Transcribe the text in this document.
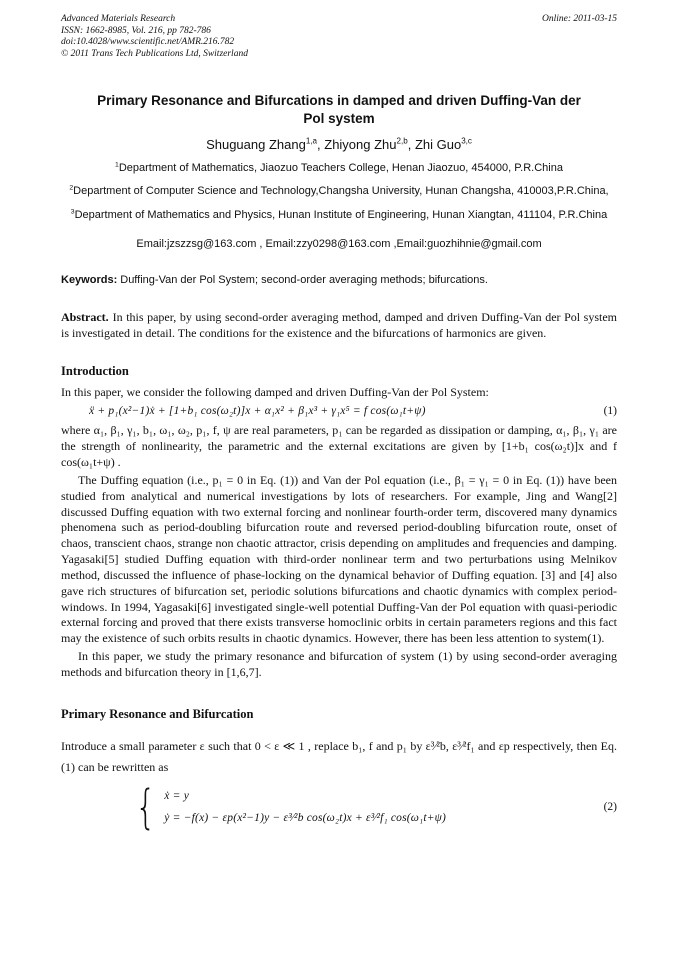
Advanced Materials Research
ISSN: 1662-8985, Vol. 216, pp 782-786
doi:10.4028/www.scientific.net/AMR.216.782
© 2011 Trans Tech Publications Ltd, Switzerland
Online: 2011-03-15
Primary Resonance and Bifurcations in damped and driven Duffing-Van der Pol system
Shuguang Zhang$^{1,a}$, Zhiyong Zhu$^{2,b}$, Zhi Guo$^{3,c}$
$^1$Department of Mathematics, Jiaozuo Teachers College, Henan Jiaozuo, 454000, P.R.China
$^2$Department of Computer Science and Technology,Changsha University, Hunan Changsha, 410003,P.R.China,
$^3$Department of Mathematics and Physics, Hunan Institute of Engineering, Hunan Xiangtan, 411104, P.R.China
Email:jzszzsg@163.com , Email:zzy0298@163.com ,Email:guozhihnie@gmail.com

Keywords: Duffing-Van der Pol System; second-order averaging methods; bifurcations.

Abstract. In this paper, by using second-order averaging method, damped and driven Duffing-Van der Pol system is investigated in detail. The conditions for the existence and the bifurcations of harmonics are given.

Introduction

In this paper, we consider the following damped and driven Duffing-Van der Pol System:

ẍ + p₁(x²−1)ẋ + [1+b₁ cos(ω₂t)]x + α₁x² + β₁x³ + γ₁x⁵ = f cos(ω₁t+ψ)	(1)

where α₁, β₁, γ₁, b₁, ω₁, ω₂, p₁, f, ψ are real parameters, p₁ can be regarded as dissipation or damping, α₁, β₁, γ₁ are the strength of nonlinearity, the parametric and the external excitations are given by [1+b₁ cos(ω₂t)]x and f cos(ω₁t+ψ) .

The Duffing equation (i.e., p₁ = 0 in Eq. (1)) and Van der Pol equation (i.e., β₁ = γ₁ = 0 in Eq. (1)) have been studied from analytical and numerical investigations by lots of researchers. For example, Jing and Wang[2] discussed Duffing equation with two external forcing and nonlinear fourth-order term, discovered many dynamics phenomena such as period-doubling bifurcation route and reversed period-doubling bifurcation route, onset of chaos, transcient chaos, strange non chaotic attractor, crisis depending on amplitudes and frequencies and damping. Yagasaki[5] studied Duffing equation with third-order nonlinear term and two perturbations using Melnikov method, discussed the influence of phase-locking on the dynamical behavior of Duffing equation. [3] and [4] also gave rich structures of bifurcation set, periodic solutions bifurcations and chaotic dynamics with complex period-windows. In 1994, Yagasaki[6] investigated single-well potential Duffing-Van der Pol equation with quasi-periodic external forcing and proved that there exists transverse homoclinic orbits in certain parameters regions and this fact may the existence of such orbits results in chaotic dynamics. However, there has been less attention to system(1).

In this paper, we study the primary resonance and bifurcation of system (1) by using second-order averaging methods and bifurcation theory in [1,6,7].

Primary Resonance and Bifurcation

Introduce a small parameter ε such that 0 < ε ≪ 1 , replace b₁, f and p₁ by ε³⁄²b, ε³⁄²f₁ and εp respectively, then Eq.(1) can be rewritten as

{ ẋ = y
ẏ = −f(x) − εp(x²−1)y − ε³⁄²b cos(ω₂t)x + ε³⁄²f₁ cos(ω₁t+ψ)
(2)
